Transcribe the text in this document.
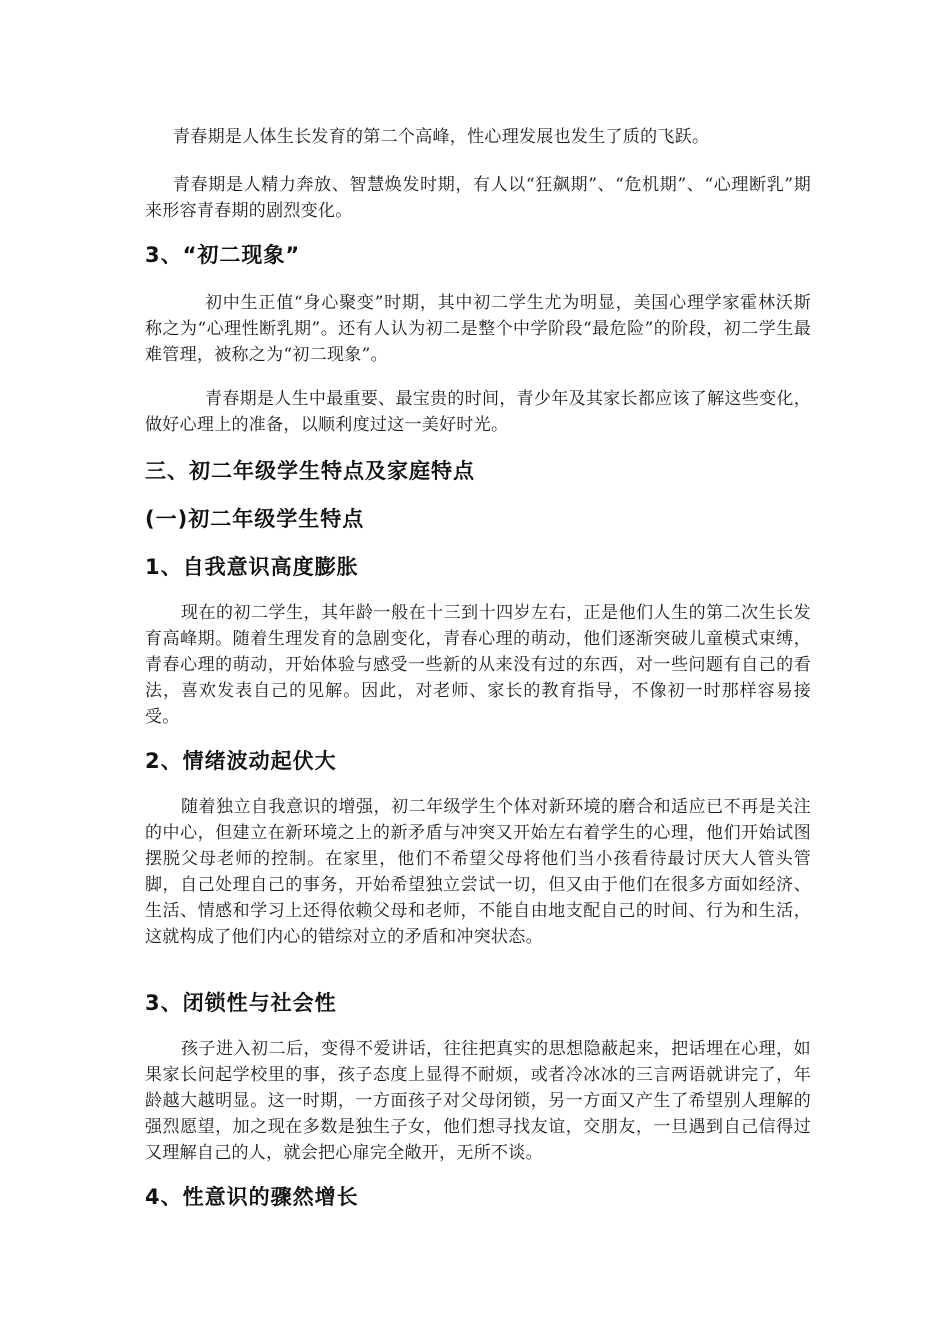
青春期是人体生长发育的第二个高峰，性心理发展也发生了质的飞跃。

青春期是人精力奔放、智慧焕发时期，有人以“狂飙期”、“危机期”、“心理断乳”期来形容青春期的剧烈变化。

3、“初二现象”

初中生正值“身心聚变”时期，其中初二学生尤为明显，美国心理学家霍林沃斯称之为“心理性断乳期”。还有人认为初二是整个中学阶段“最危险”的阶段，初二学生最难管理，被称之为“初二现象”。

青春期是人生中最重要、最宝贵的时间，青少年及其家长都应该了解这些变化，做好心理上的准备，以顺利度过这一美好时光。

三、初二年级学生特点及家庭特点
(一)初二年级学生特点
1、自我意识高度膨胀

现在的初二学生，其年龄一般在十三到十四岁左右，正是他们人生的第二次生长发育高峰期。随着生理发育的急剧变化，青春心理的萌动，他们逐渐突破儿童模式束缚，青春心理的萌动，开始体验与感受一些新的从来没有过的东西，对一些问题有自己的看法，喜欢发表自己的见解。因此，对老师、家长的教育指导，不像初一时那样容易接受。

2、情绪波动起伏大

随着独立自我意识的增强，初二年级学生个体对新环境的磨合和适应已不再是关注的中心，但建立在新环境之上的新矛盾与冲突又开始左右着学生的心理，他们开始试图摆脱父母老师的控制。在家里，他们不希望父母将他们当小孩看待最讨厌大人管头管脚，自己处理自己的事务，开始希望独立尝试一切，但又由于他们在很多方面如经济、生活、情感和学习上还得依赖父母和老师，不能自由地支配自己的时间、行为和生活，这就构成了他们内心的错综对立的矛盾和冲突状态。

3、闭锁性与社会性

孩子进入初二后，变得不爱讲话，往往把真实的思想隐蔽起来，把话埋在心理，如果家长问起学校里的事，孩子态度上显得不耐烦，或者冷冰冰的三言两语就讲完了，年龄越大越明显。这一时期，一方面孩子对父母闭锁，另一方面又产生了希望别人理解的强烈愿望，加之现在多数是独生子女，他们想寻找友谊，交朋友，一旦遇到自己信得过又理解自己的人，就会把心扉完全敞开，无所不谈。

4、性意识的骤然增长
